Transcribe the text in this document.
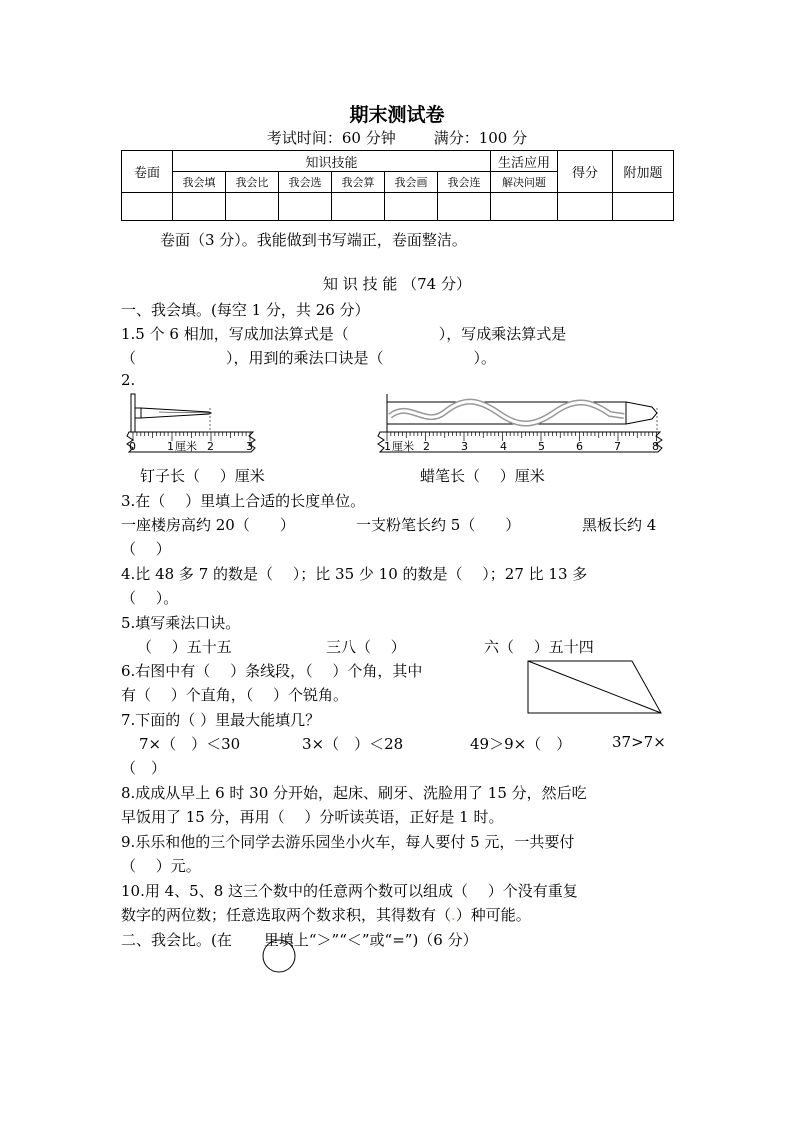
期末测试卷
考试时间：60 分钟	满分：100 分
卷面	知识技能						生活应用	得分	附加题
	我会填	我会比	我会选	我会算	我会画	我会连	解决问题		

卷面（3 分）。我能做到书写端正，卷面整洁。
知 识 技 能 （74 分）
一、我会填。(每空 1 分，共 26 分）
1.5 个 6 相加，写成加法算式是（　　　　　　），写成乘法算式是
（　　　　　　），用到的乘法口诀是（　　　　　　）。
2.
0	1 厘米 2	3	1 厘米 2	3	4	5	6	7	8
钉子长（　 ）厘米	蜡笔长（　 ）厘米
3.在（　 ）里填上合适的长度单位。
一座楼房高约 20（　　）	一支粉笔长约 5（　　）	黑板长约 4
（　 ）
4.比 48 多 7 的数是（　 ）；比 35 少 10 的数是（　 ）；27 比 13 多
（　 ）。
5.填写乘法口诀。
（　 ）五十五	三八（　 ）	六（　 ）五十四
6.右图中有（　 ）条线段，（　 ）个角，其中
有（　 ）个直角，（　 ）个锐角。
7.下面的（ ）里最大能填几？
7×（　）＜30	3×（　）＜28	49＞9×（　）	37>7×
（　）
8.成成从早上 6 时 30 分开始，起床、刷牙、洗脸用了 15 分，然后吃
早饭用了 15 分，再用（　 ）分听读英语，正好是 1 时。
9.乐乐和他的三个同学去游乐园坐小火车，每人要付 5 元，一共要付
（　 ）元。
10.用 4、5、8 这三个数中的任意两个数可以组成（　 ）个没有重复
数字的两位数；任意选取两个数求积，其得数有（.）种可能。
二、我会比。(在 里填上“＞”“＜”或“=”)（6 分）
